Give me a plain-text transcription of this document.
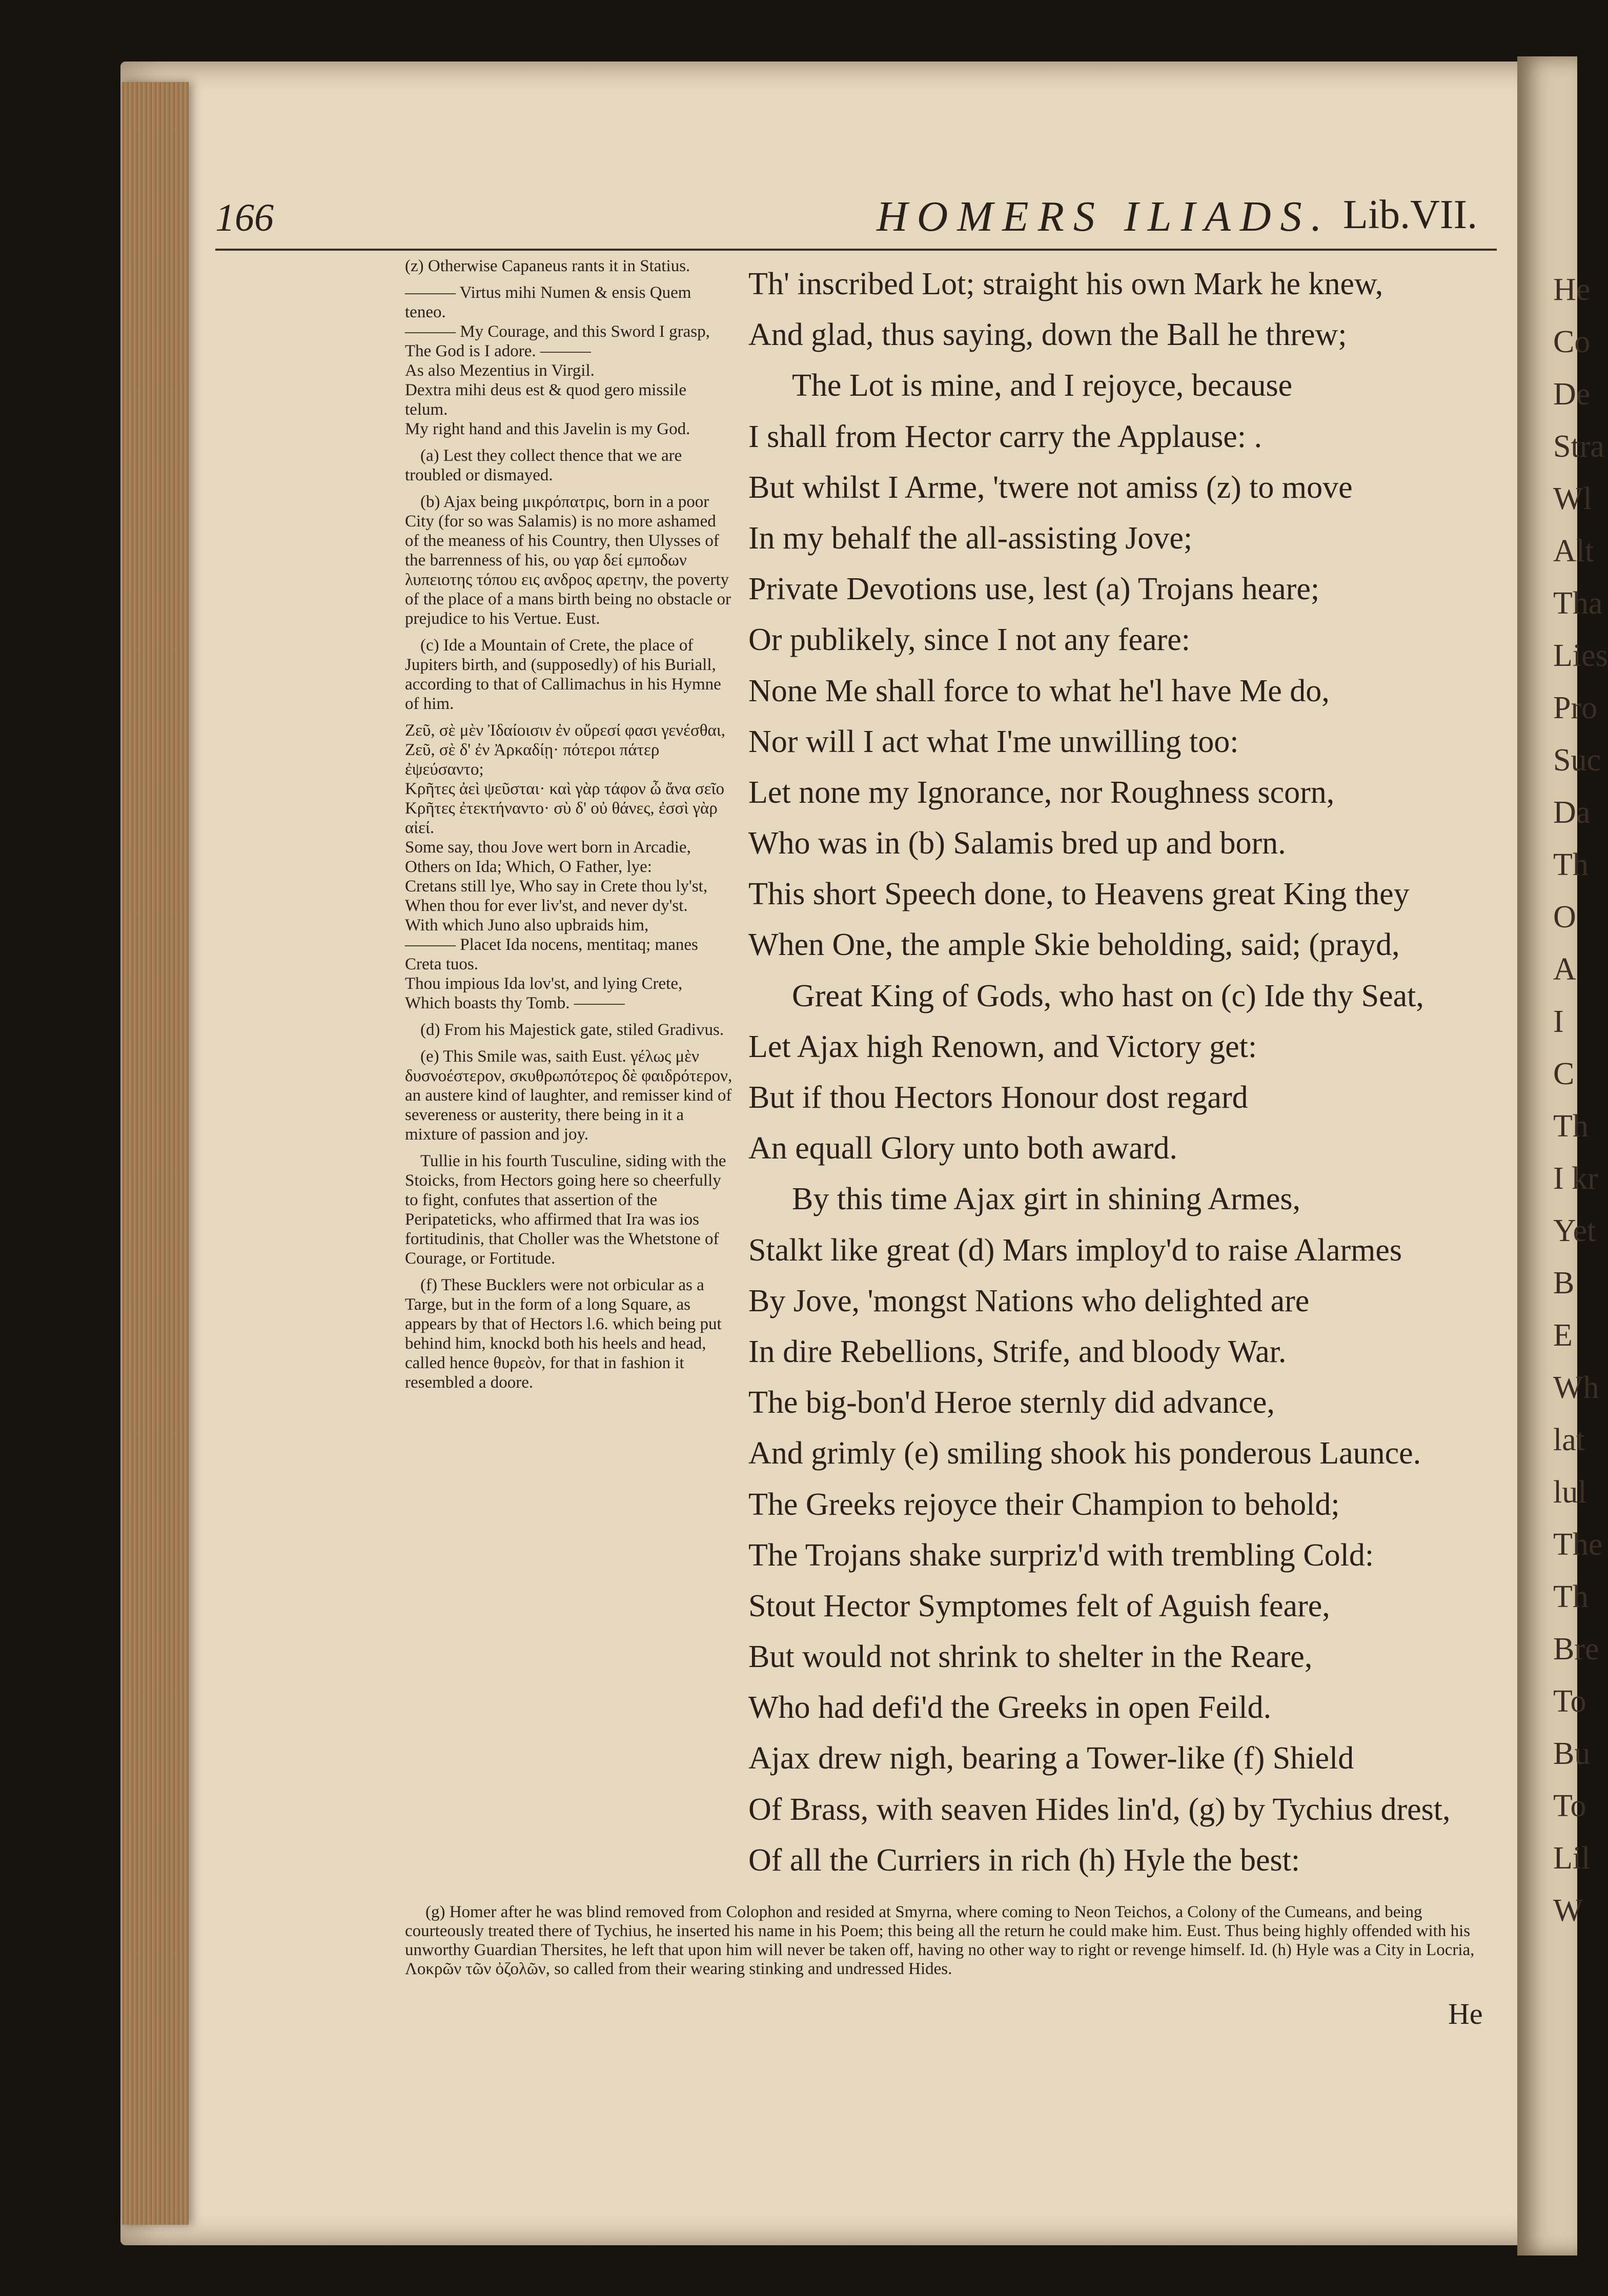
He
Co
De
Stra
Wl
Alt
Tha
Lies
Pro
Suc
Da
Th
O
A
I
C
Th
I kr
Yet
B
E
Wh
lat
lul
The
Th
Bre
To
Bu
To
Lil
W
166	HOMERS ILIADS. Lib.VII.
(z) Otherwise Capaneus rants it in Statius.
——— Virtus mihi Numen & ensis Quem teneo.
——— My Courage, and this Sword I grasp,
The God is I adore. ———
As also Mezentius in Virgil.
Dextra mihi deus est & quod gero missile telum.
My right hand and this Javelin is my God.
(a) Lest they collect thence that we are troubled or dismayed.
(b) Ajax being μικρόπατρις, born in a poor City (for so was Salamis) is no more ashamed of the meaness of his Country, then Ulysses of the barrenness of his, ου γαρ δεί εμποδων λυπειοτης τόπου εις ανδρος αρετην, the poverty of the place of a mans birth being no obstacle or prejudice to his Vertue. Eust.
(c) Ide a Mountain of Crete, the place of Jupiters birth, and (supposedly) of his Buriall, according to that of Callimachus in his Hymne of him.
Ζεῦ, σὲ μὲν Ἰδαίοισιν ἐν οὔρεσί φασι γενέσθαι,
Ζεῦ, σὲ δ' ἐν Ἀρκαδίῃ· πότεροι πάτερ ἐψεύσαντο;
Κρῆτες ἀεὶ ψεῦσται· καὶ γὰρ τάφον ὦ ἄνα σεῖο
Κρῆτες ἐτεκτήναντο· σὺ δ' οὐ θάνες, ἐσσὶ γὰρ αἰεί.
Some say, thou Jove wert born in Arcadie,
Others on Ida; Which, O Father, lye:
Cretans still lye, Who say in Crete thou ly'st,
When thou for ever liv'st, and never dy'st.
With which Juno also upbraids him,
——— Placet Ida nocens, mentitaq; manes
Creta tuos.
Thou impious Ida lov'st, and lying Crete,
Which boasts thy Tomb. ———
(d) From his Majestick gate, stiled Gradivus.
(e) This Smile was, saith Eust. γέλως μὲν δυσνοέστερον, σκυθρωπότερος δὲ φαιδρότερον, an austere kind of laughter, and remisser kind of severeness or austerity, there being in it a mixture of passion and joy.
Tullie in his fourth Tusculine, siding with the Stoicks, from Hectors going here so cheerfully to fight, confutes that assertion of the Peripateticks, who affirmed that Ira was ios fortitudinis, that Choller was the Whetstone of Courage, or Fortitude.
(f) These Bucklers were not orbicular as a Targe, but in the form of a long Square, as appears by that of Hectors l.6. which being put behind him, knockd both his heels and head, called hence θυρεὸν, for that in fashion it resembled a doore.
Th' inscribed Lot; straight his own Mark he knew,
And glad, thus saying, down the Ball he threw;
The Lot is mine, and I rejoyce, because
I shall from Hector carry the Applause: .
But whilst I Arme, 'twere not amiss (z) to move
In my behalf the all-assisting Jove;
Private Devotions use, lest (a) Trojans heare;
Or publikely, since I not any feare:
None Me shall force to what he'l have Me do,
Nor will I act what I'me unwilling too:
Let none my Ignorance, nor Roughness scorn,
Who was in (b) Salamis bred up and born.
This short Speech done, to Heavens great King they
When One, the ample Skie beholding, said; (prayd,
Great King of Gods, who hast on (c) Ide thy Seat,
Let Ajax high Renown, and Victory get:
But if thou Hectors Honour dost regard
An equall Glory unto both award.
By this time Ajax girt in shining Armes,
Stalkt like great (d) Mars imploy'd to raise Alarmes
By Jove, 'mongst Nations who delighted are
In dire Rebellions, Strife, and bloody War.
The big-bon'd Heroe sternly did advance,
And grimly (e) smiling shook his ponderous Launce.
The Greeks rejoyce their Champion to behold;
The Trojans shake surpriz'd with trembling Cold:
Stout Hector Symptomes felt of Aguish feare,
But would not shrink to shelter in the Reare,
Who had defi'd the Greeks in open Feild.
Ajax drew nigh, bearing a Tower-like (f) Shield
Of Brass, with seaven Hides lin'd, (g) by Tychius drest,
Of all the Curriers in rich (h) Hyle the best:
(g) Homer after he was blind removed from Colophon and resided at Smyrna, where coming to Neon Teichos, a Colony of the Cumeans, and being courteously treated there of Tychius, he inserted his name in his Poem; this being all the return he could make him. Eust. Thus being highly offended with his unworthy Guardian Thersites, he left that upon him will never be taken off, having no other way to right or revenge himself. Id. (h) Hyle was a City in Locria, Λοκρῶν τῶν ὀζολῶν, so called from their wearing stinking and undressed Hides.
He
